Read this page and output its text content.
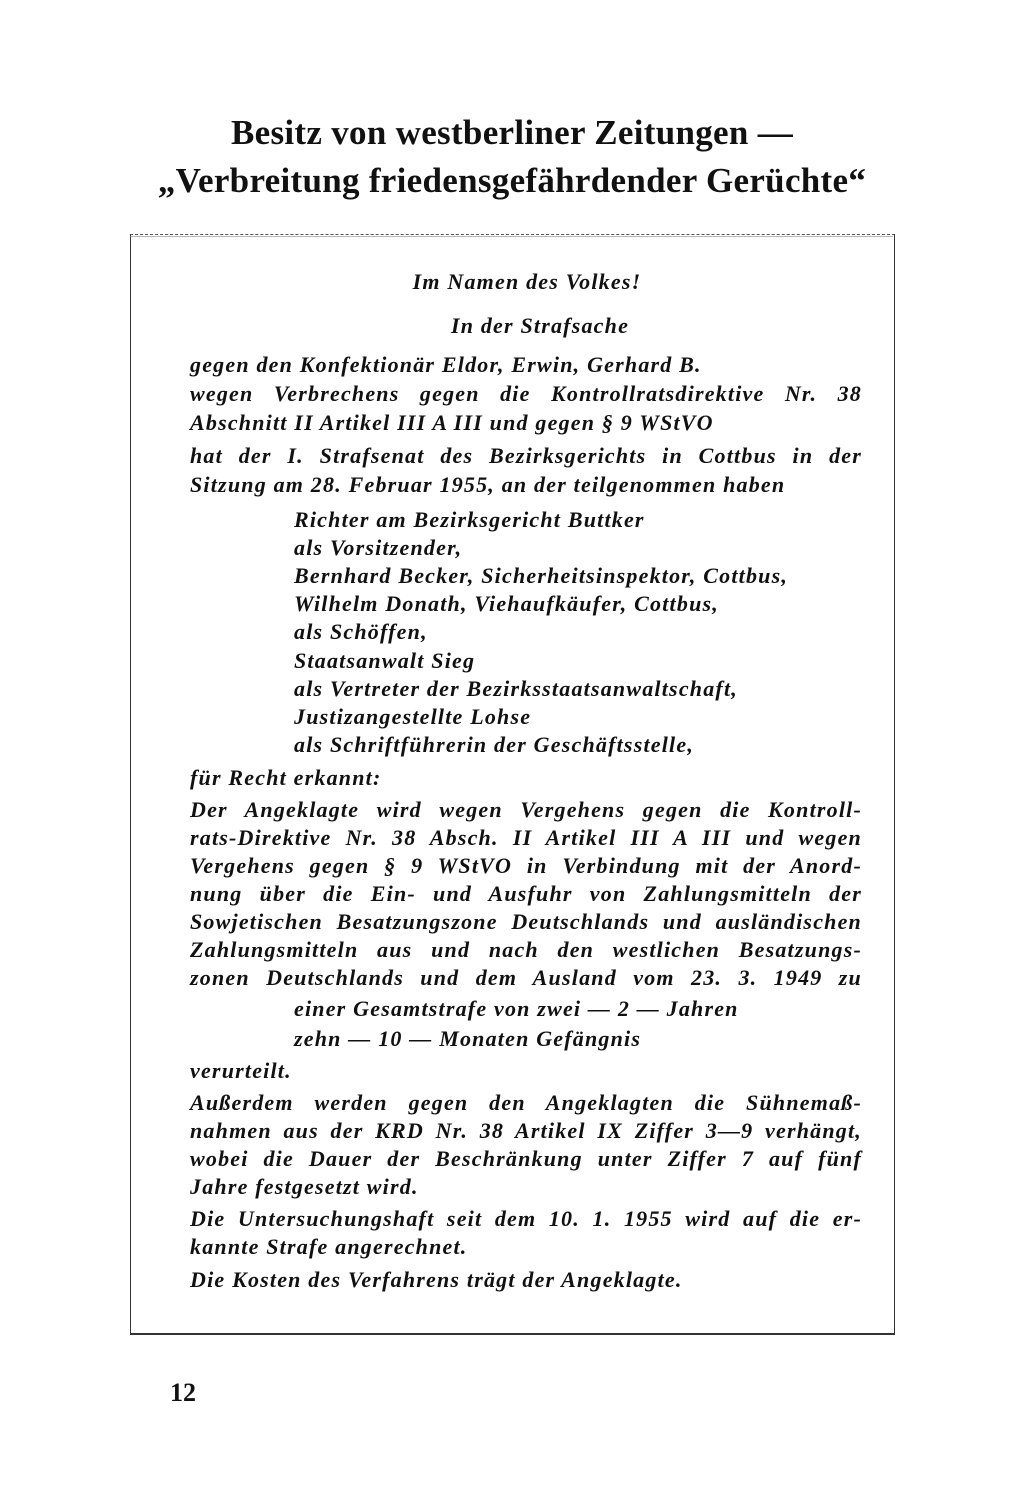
Besitz von westberliner Zeitungen —
„Verbreitung friedensgefährdender Gerüchte“
Im Namen des Volkes!
In der Strafsache
gegen den Konfektionär Eldor, Erwin, Gerhard B.
wegen Verbrechens gegen die Kontrollratsdirektive Nr. 38
Abschnitt II Artikel III A III und gegen § 9 WStVO
hat der I. Strafsenat des Bezirksgerichts in Cottbus in der
Sitzung am 28. Februar 1955, an der teilgenommen haben
Richter am Bezirksgericht Buttker
als Vorsitzender,
Bernhard Becker, Sicherheitsinspektor, Cottbus,
Wilhelm Donath, Viehaufkäufer, Cottbus,
als Schöffen,
Staatsanwalt Sieg
als Vertreter der Bezirksstaatsanwaltschaft,
Justizangestellte Lohse
als Schriftführerin der Geschäftsstelle,
für Recht erkannt:
Der Angeklagte wird wegen Vergehens gegen die Kontroll-
rats-Direktive Nr. 38 Absch. II Artikel III A III und wegen
Vergehens gegen § 9 WStVO in Verbindung mit der Anord-
nung über die Ein- und Ausfuhr von Zahlungsmitteln der
Sowjetischen Besatzungszone Deutschlands und ausländischen
Zahlungsmitteln aus und nach den westlichen Besatzungs-
zonen Deutschlands und dem Ausland vom 23. 3. 1949 zu
einer Gesamtstrafe von zwei — 2 — Jahren
zehn — 10 — Monaten Gefängnis
verurteilt.
Außerdem werden gegen den Angeklagten die Sühnemaß-
nahmen aus der KRD Nr. 38 Artikel IX Ziffer 3—9 verhängt,
wobei die Dauer der Beschränkung unter Ziffer 7 auf fünf
Jahre festgesetzt wird.
Die Untersuchungshaft seit dem 10. 1. 1955 wird auf die er-
kannte Strafe angerechnet.
Die Kosten des Verfahrens trägt der Angeklagte.
12
